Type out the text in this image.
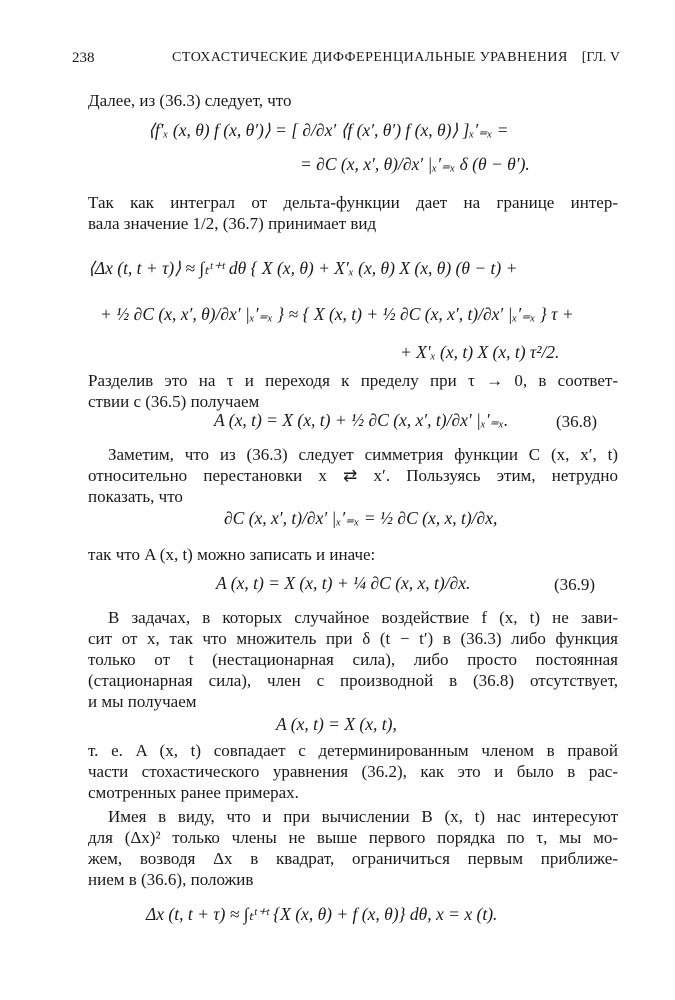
238	СТОХАСТИЧЕСКИЕ ДИФФЕРЕНЦИАЛЬНЫЕ УРАВНЕНИЯ [ГЛ. V
Далее, из (36.3) следует, что
⟨f′ₓ (x, θ) f (x, θ′)⟩ = [ ∂/∂x′ ⟨f (x′, θ′) f (x, θ)⟩ ]ₓ′₌ₓ =
= ∂C (x, x′, θ)/∂x′ |ₓ′₌ₓ δ (θ − θ′).
Так как интеграл от дельта-функции дает на границе интер-
вала значение 1/2, (36.7) принимает вид
⟨Δx (t, t + τ)⟩ ≈ ∫ₜᵗ⁺ᵗ dθ { X (x, θ) + X′ₓ (x, θ) X (x, θ) (θ − t) +
+ ½ ∂C (x, x′, θ)/∂x′ |ₓ′₌ₓ } ≈ { X (x, t) + ½ ∂C (x, x′, t)/∂x′ |ₓ′₌ₓ } τ +
+ X′ₓ (x, t) X (x, t) τ²/2.
Разделив это на τ и переходя к пределу при τ → 0, в соответ-
ствии с (36.5) получаем
A (x, t) = X (x, t) + ½ ∂C (x, x′, t)/∂x′ |ₓ′₌ₓ.	(36.8)
Заметим, что из (36.3) следует симметрия функции C (x, x′, t)
относительно перестановки x ⇄ x′. Пользуясь этим, нетрудно
показать, что
∂C (x, x′, t)/∂x′ |ₓ′₌ₓ = ½ ∂C (x, x, t)/∂x,
так что A (x, t) можно записать и иначе:
A (x, t) = X (x, t) + ¼ ∂C (x, x, t)/∂x.	(36.9)
В задачах, в которых случайное воздействие f (x, t) не зави-
сит от x, так что множитель при δ (t − t′) в (36.3) либо функция
только от t (нестационарная сила), либо просто постоянная
(стационарная сила), член с производной в (36.8) отсутствует,
и мы получаем
A (x, t) = X (x, t),
т. е. A (x, t) совпадает с детерминированным членом в правой
части стохастического уравнения (36.2), как это и было в рас-
смотренных ранее примерах.
Имея в виду, что и при вычислении B (x, t) нас интересуют
для (Δx)² только члены не выше первого порядка по τ, мы мо-
жем, возводя Δx в квадрат, ограничиться первым приближе-
нием в (36.6), положив
Δx (t, t + τ) ≈ ∫ₜᵗ⁺ᵗ {X (x, θ) + f (x, θ)} dθ, x = x (t).
